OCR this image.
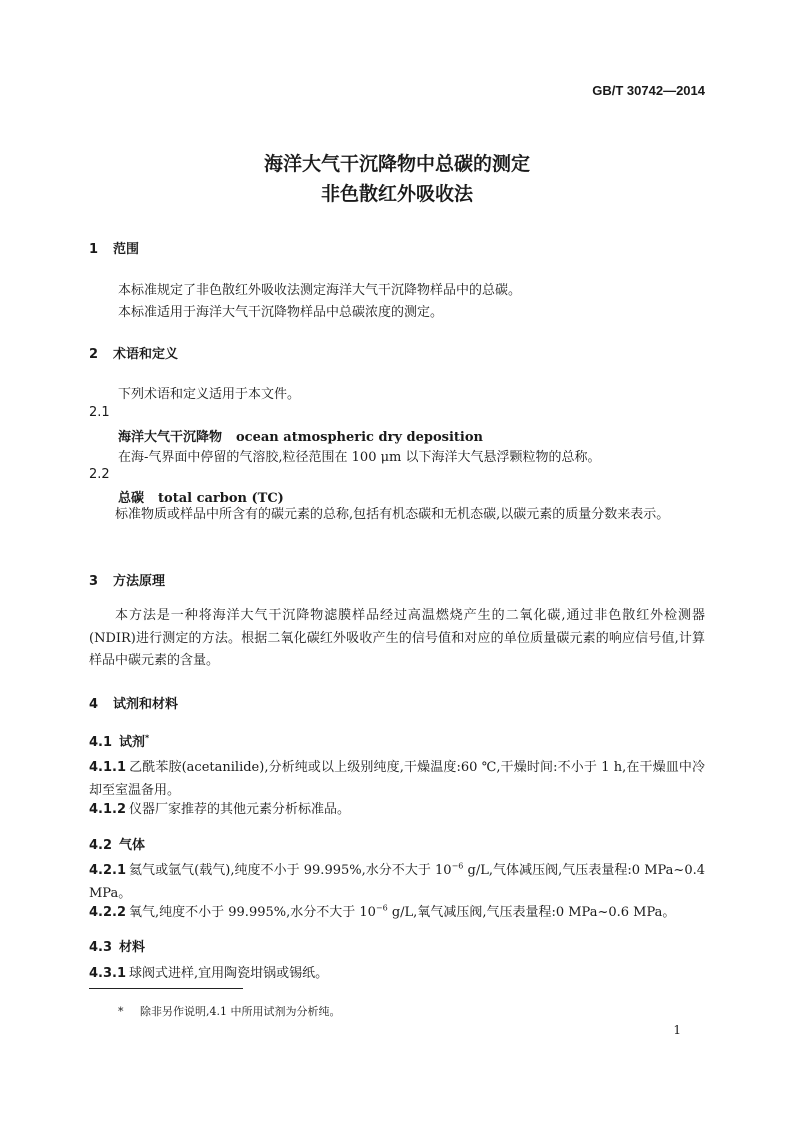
GB/T 30742—2014
海洋大气干沉降物中总碳的测定
非色散红外吸收法
1 范围
本标准规定了非色散红外吸收法测定海洋大气干沉降物样品中的总碳。
本标准适用于海洋大气干沉降物样品中总碳浓度的测定。
2 术语和定义
下列术语和定义适用于本文件。
2.1
海洋大气干沉降物 ocean atmospheric dry deposition
在海-气界面中停留的气溶胶,粒径范围在 100 μm 以下海洋大气悬浮颗粒物的总称。
2.2
总碳 total carbon (TC)
标准物质或样品中所含有的碳元素的总称,包括有机态碳和无机态碳,以碳元素的质量分数来表示。
3 方法原理
本方法是一种将海洋大气干沉降物滤膜样品经过高温燃烧产生的二氧化碳,通过非色散红外检测器(NDIR)进行测定的方法。根据二氧化碳红外吸收产生的信号值和对应的单位质量碳元素的响应信号值,计算样品中碳元素的含量。
4 试剂和材料
4.1 试剂*
4.1.1 乙酰苯胺(acetanilide),分析纯或以上级别纯度,干燥温度:60 ℃,干燥时间:不小于 1 h,在干燥皿中冷却至室温备用。
4.1.2 仪器厂家推荐的其他元素分析标准品。
4.2 气体
4.2.1 氦气或氩气(载气),纯度不小于 99.995%,水分不大于 $10^{-6}$ g/L,气体减压阀,气压表量程:0 MPa~0.4 MPa。
4.2.2 氧气,纯度不小于 99.995%,水分不大于 $10^{-6}$ g/L,氧气减压阀,气压表量程:0 MPa~0.6 MPa。
4.3 材料
4.3.1 球阀式进样,宜用陶瓷坩锅或锡纸。
* 除非另作说明,4.1 中所用试剂为分析纯。
1
